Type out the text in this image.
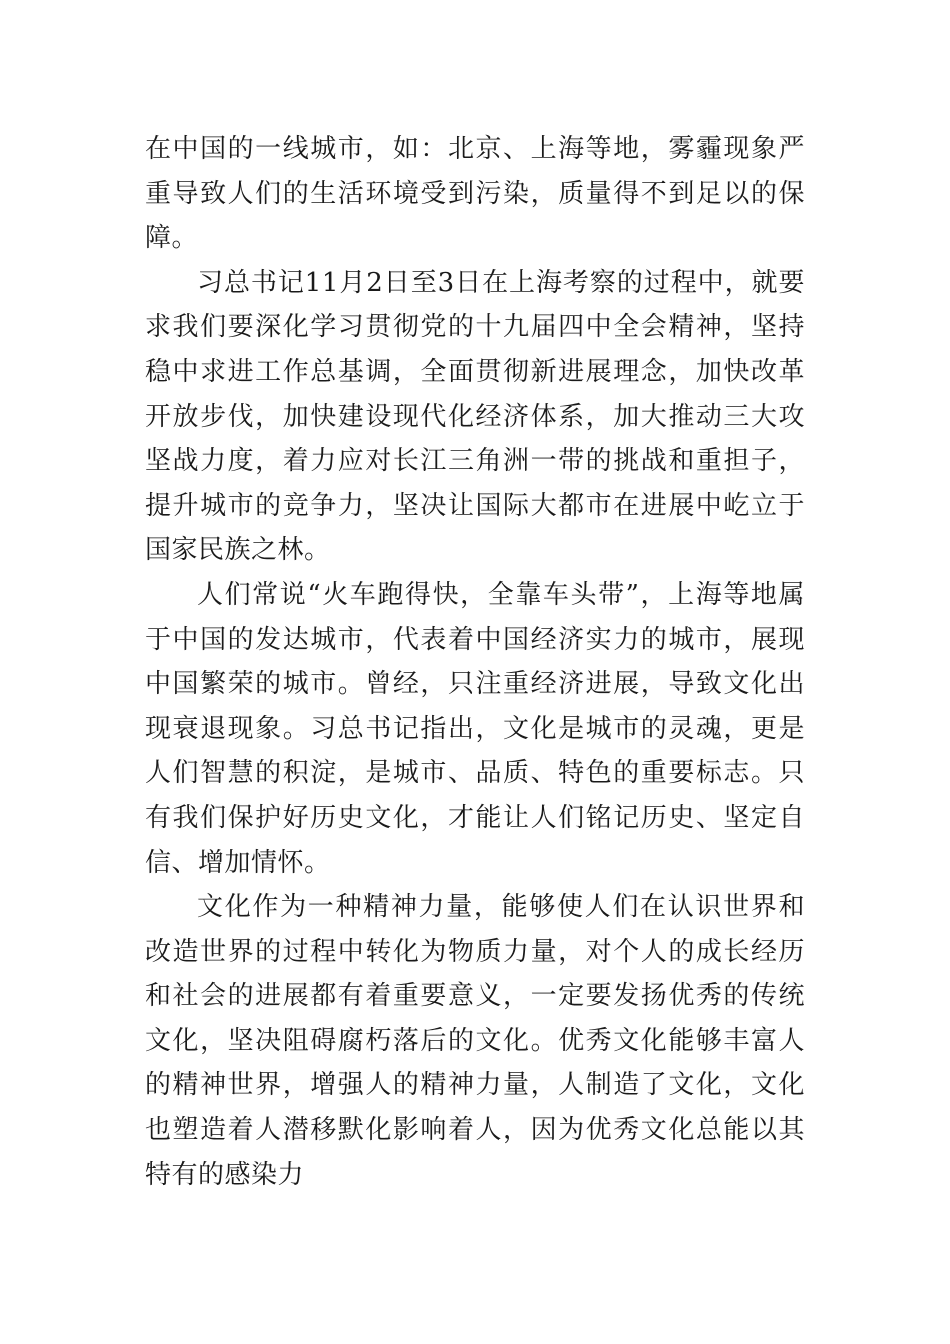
在中国的一线城市，如：北京、上海等地，雾霾现象严重导致人们的生活环境受到污染，质量得不到足以的保障。

习总书记11月2日至3日在上海考察的过程中，就要求我们要深化学习贯彻党的十九届四中全会精神，坚持稳中求进工作总基调，全面贯彻新进展理念，加快改革开放步伐，加快建设现代化经济体系，加大推动三大攻坚战力度，着力应对长江三角洲一带的挑战和重担子，提升城市的竞争力，坚决让国际大都市在进展中屹立于国家民族之林。

人们常说“火车跑得快，全靠车头带”，上海等地属于中国的发达城市，代表着中国经济实力的城市，展现中国繁荣的城市。曾经，只注重经济进展，导致文化出现衰退现象。习总书记指出，文化是城市的灵魂，更是人们智慧的积淀，是城市、品质、特色的重要标志。只有我们保护好历史文化，才能让人们铭记历史、坚定自信、增加情怀。

文化作为一种精神力量，能够使人们在认识世界和改造世界的过程中转化为物质力量，对个人的成长经历和社会的进展都有着重要意义，一定要发扬优秀的传统文化，坚决阻碍腐朽落后的文化。优秀文化能够丰富人的精神世界，增强人的精神力量，人制造了文化，文化也塑造着人潜移默化影响着人，因为优秀文化总能以其特有的感染力
